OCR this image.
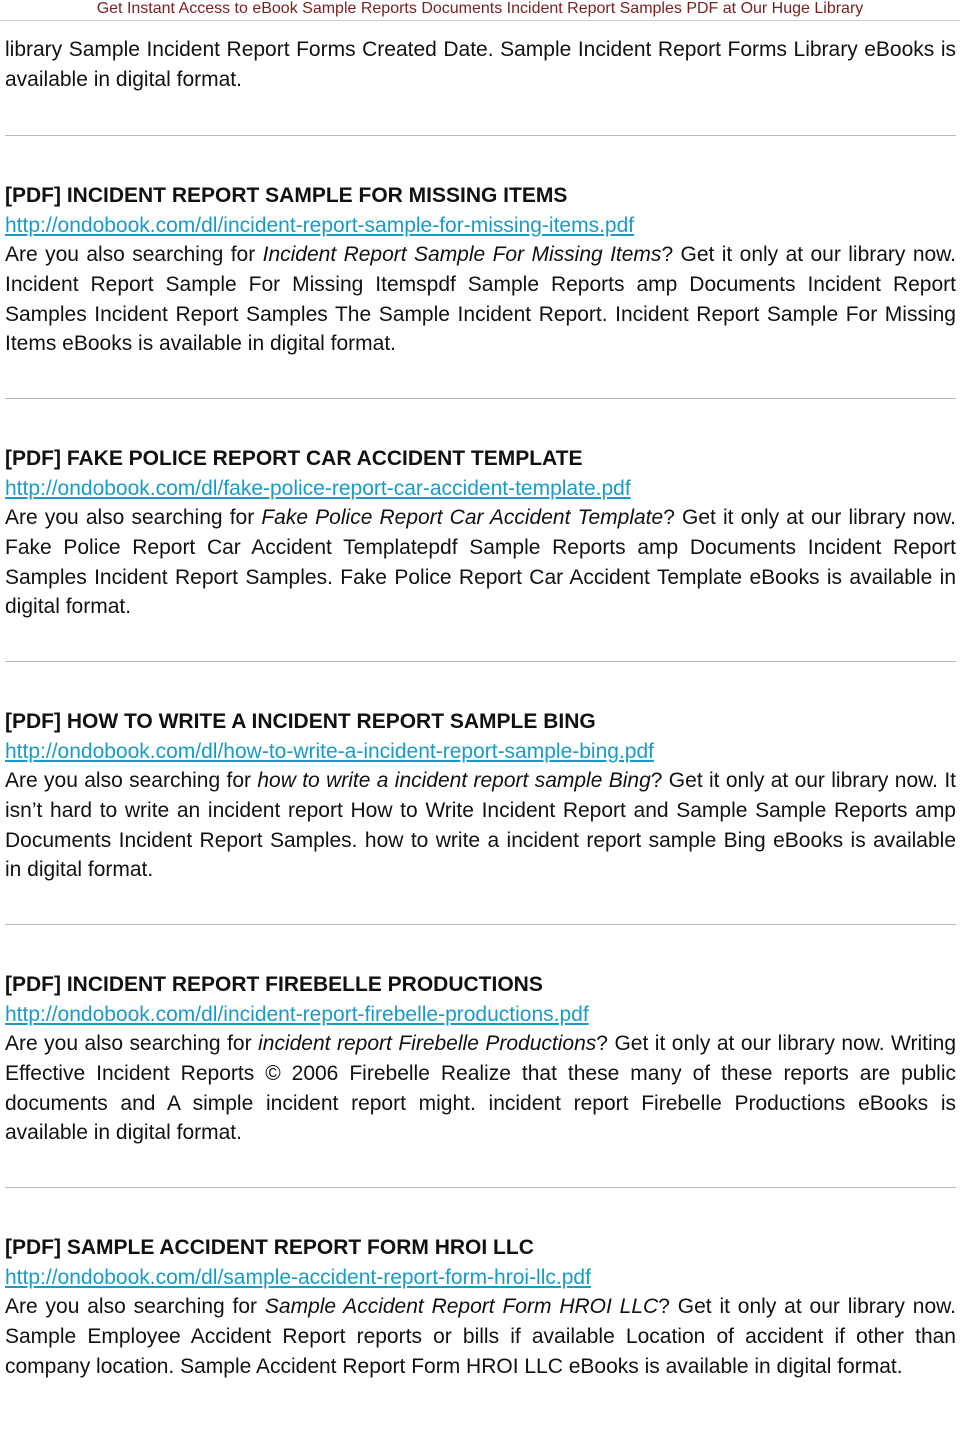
Get Instant Access to eBook Sample Reports Documents Incident Report Samples PDF at Our Huge Library

library Sample Incident Report Forms Created Date. Sample Incident Report Forms Library eBooks is available in digital format.

[PDF] INCIDENT REPORT SAMPLE FOR MISSING ITEMS

http://ondobook.com/dl/incident-report-sample-for-missing-items.pdf

Are you also searching for Incident Report Sample For Missing Items? Get it only at our library now. Incident Report Sample For Missing Itemspdf Sample Reports amp Documents Incident Report Samples Incident Report Samples The Sample Incident Report. Incident Report Sample For Missing Items eBooks is available in digital format.

[PDF] FAKE POLICE REPORT CAR ACCIDENT TEMPLATE

http://ondobook.com/dl/fake-police-report-car-accident-template.pdf

Are you also searching for Fake Police Report Car Accident Template? Get it only at our library now. Fake Police Report Car Accident Templatepdf Sample Reports amp Documents Incident Report Samples Incident Report Samples. Fake Police Report Car Accident Template eBooks is available in digital format.

[PDF] HOW TO WRITE A INCIDENT REPORT SAMPLE BING

http://ondobook.com/dl/how-to-write-a-incident-report-sample-bing.pdf

Are you also searching for how to write a incident report sample Bing? Get it only at our library now. It isn’t hard to write an incident report How to Write Incident Report and Sample Sample Reports amp Documents Incident Report Samples. how to write a incident report sample Bing eBooks is available in digital format.

[PDF] INCIDENT REPORT FIREBELLE PRODUCTIONS

http://ondobook.com/dl/incident-report-firebelle-productions.pdf

Are you also searching for incident report Firebelle Productions? Get it only at our library now. Writing Effective Incident Reports © 2006 Firebelle Realize that these many of these reports are public documents and A simple incident report might. incident report Firebelle Productions eBooks is available in digital format.

[PDF] SAMPLE ACCIDENT REPORT FORM HROI LLC

http://ondobook.com/dl/sample-accident-report-form-hroi-llc.pdf

Are you also searching for Sample Accident Report Form HROI LLC? Get it only at our library now. Sample Employee Accident Report reports or bills if available Location of accident if other than company location. Sample Accident Report Form HROI LLC eBooks is available in digital format.
